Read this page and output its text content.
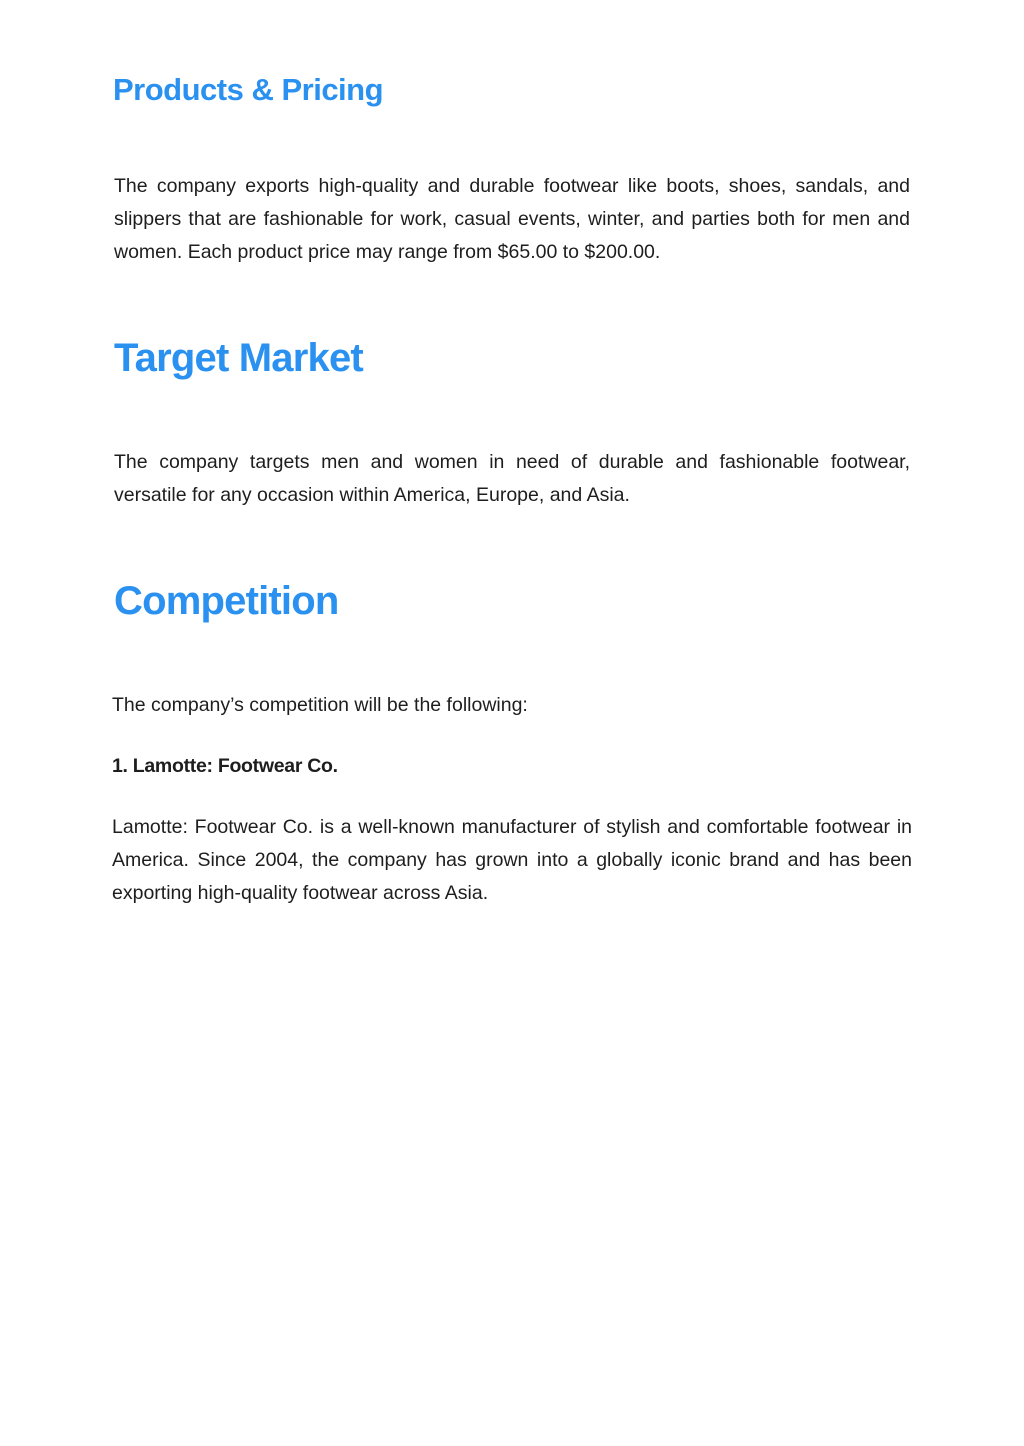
Products & Pricing

The company exports high-quality and durable footwear like boots, shoes, sandals, and slippers that are fashionable for work, casual events, winter, and parties both for men and women. Each product price may range from $65.00 to $200.00.

Target Market

The company targets men and women in need of durable and fashionable footwear, versatile for any occasion within America, Europe, and Asia.

Competition

The company’s competition will be the following:

1. Lamotte: Footwear Co.

Lamotte: Footwear Co. is a well-known manufacturer of stylish and comfortable footwear in America. Since 2004, the company has grown into a globally iconic brand and has been exporting high-quality footwear across Asia.
